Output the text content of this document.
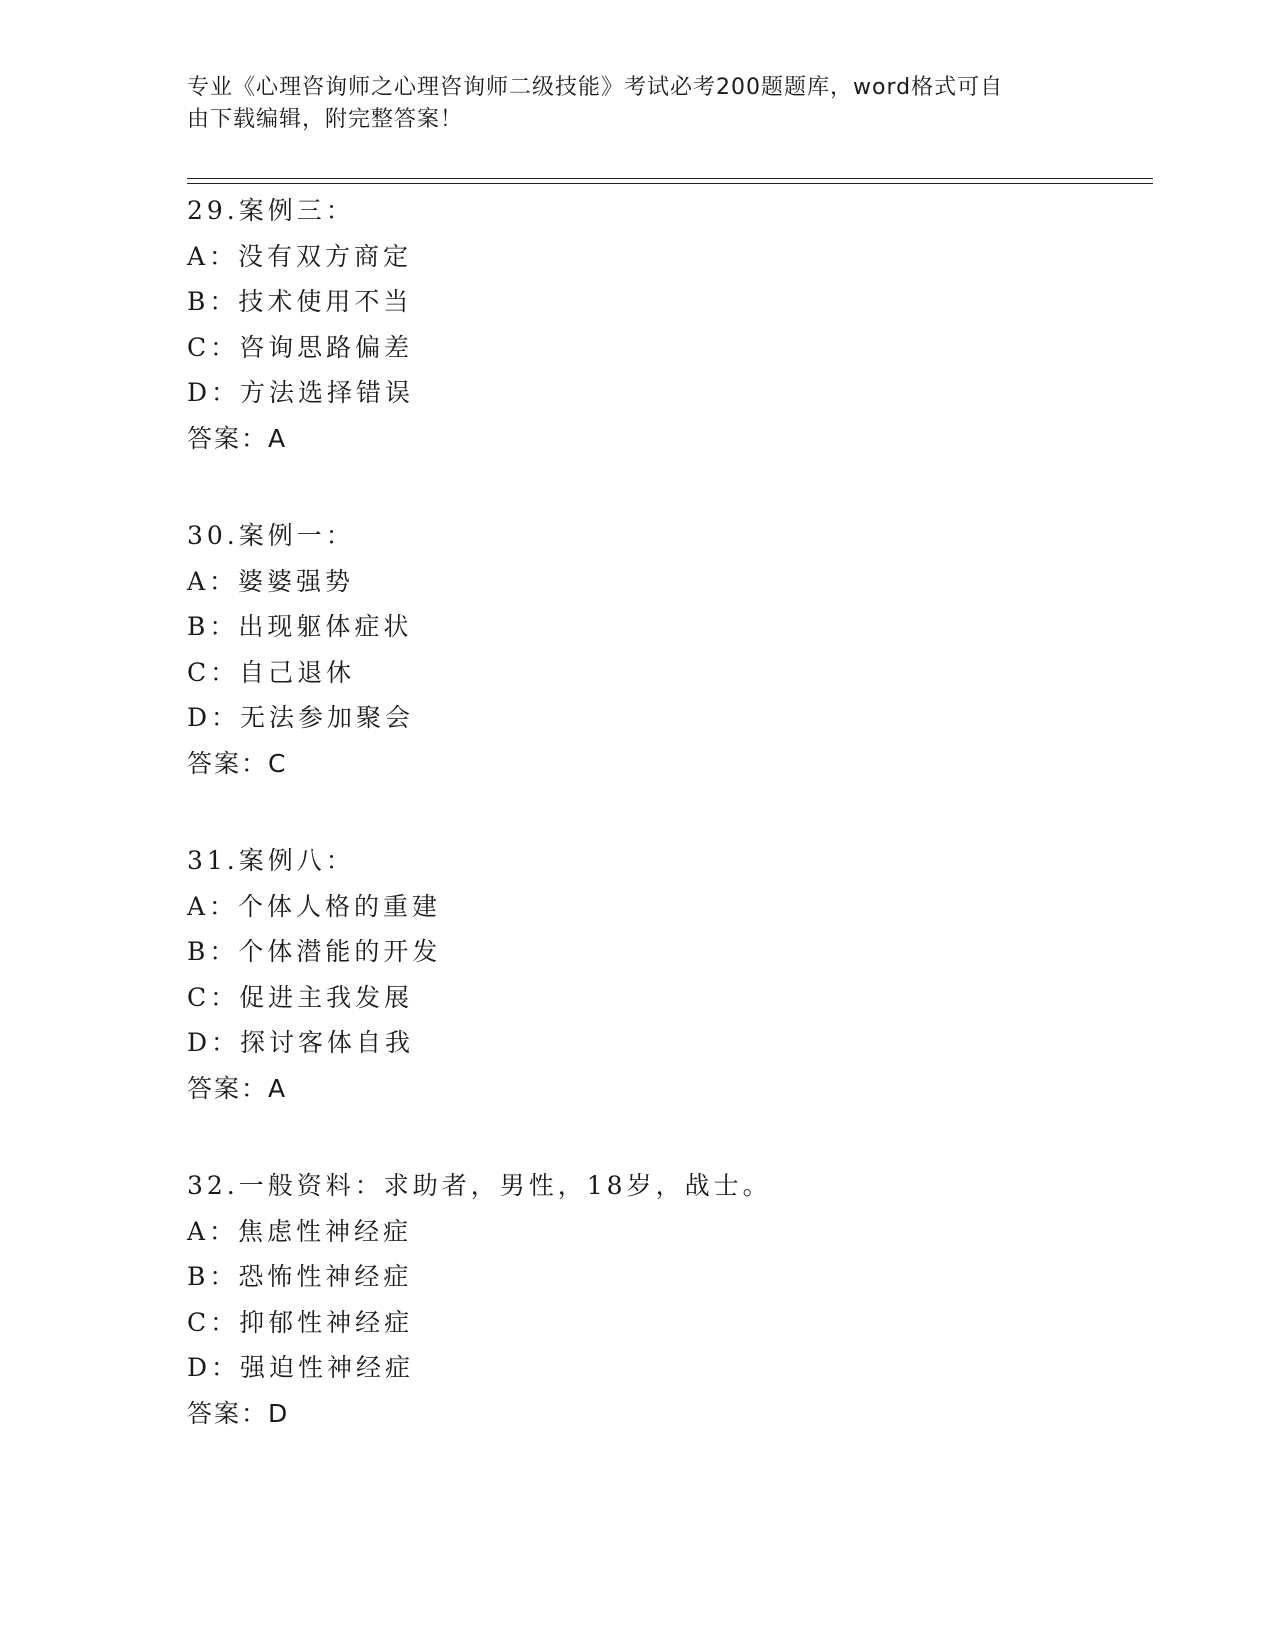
专业《心理咨询师之心理咨询师二级技能》考试必考200题题库，word格式可自
由下载编辑，附完整答案！
29.案例三：
A：没有双方商定
B：技术使用不当
C：咨询思路偏差
D：方法选择错误
答案：A
30.案例一：
A：婆婆强势
B：出现躯体症状
C：自己退休
D：无法参加聚会
答案：C
31.案例八：
A：个体人格的重建
B：个体潜能的开发
C：促进主我发展
D：探讨客体自我
答案：A
32.一般资料：求助者，男性，18岁，战士。
A：焦虑性神经症
B：恐怖性神经症
C：抑郁性神经症
D：强迫性神经症
答案：D
